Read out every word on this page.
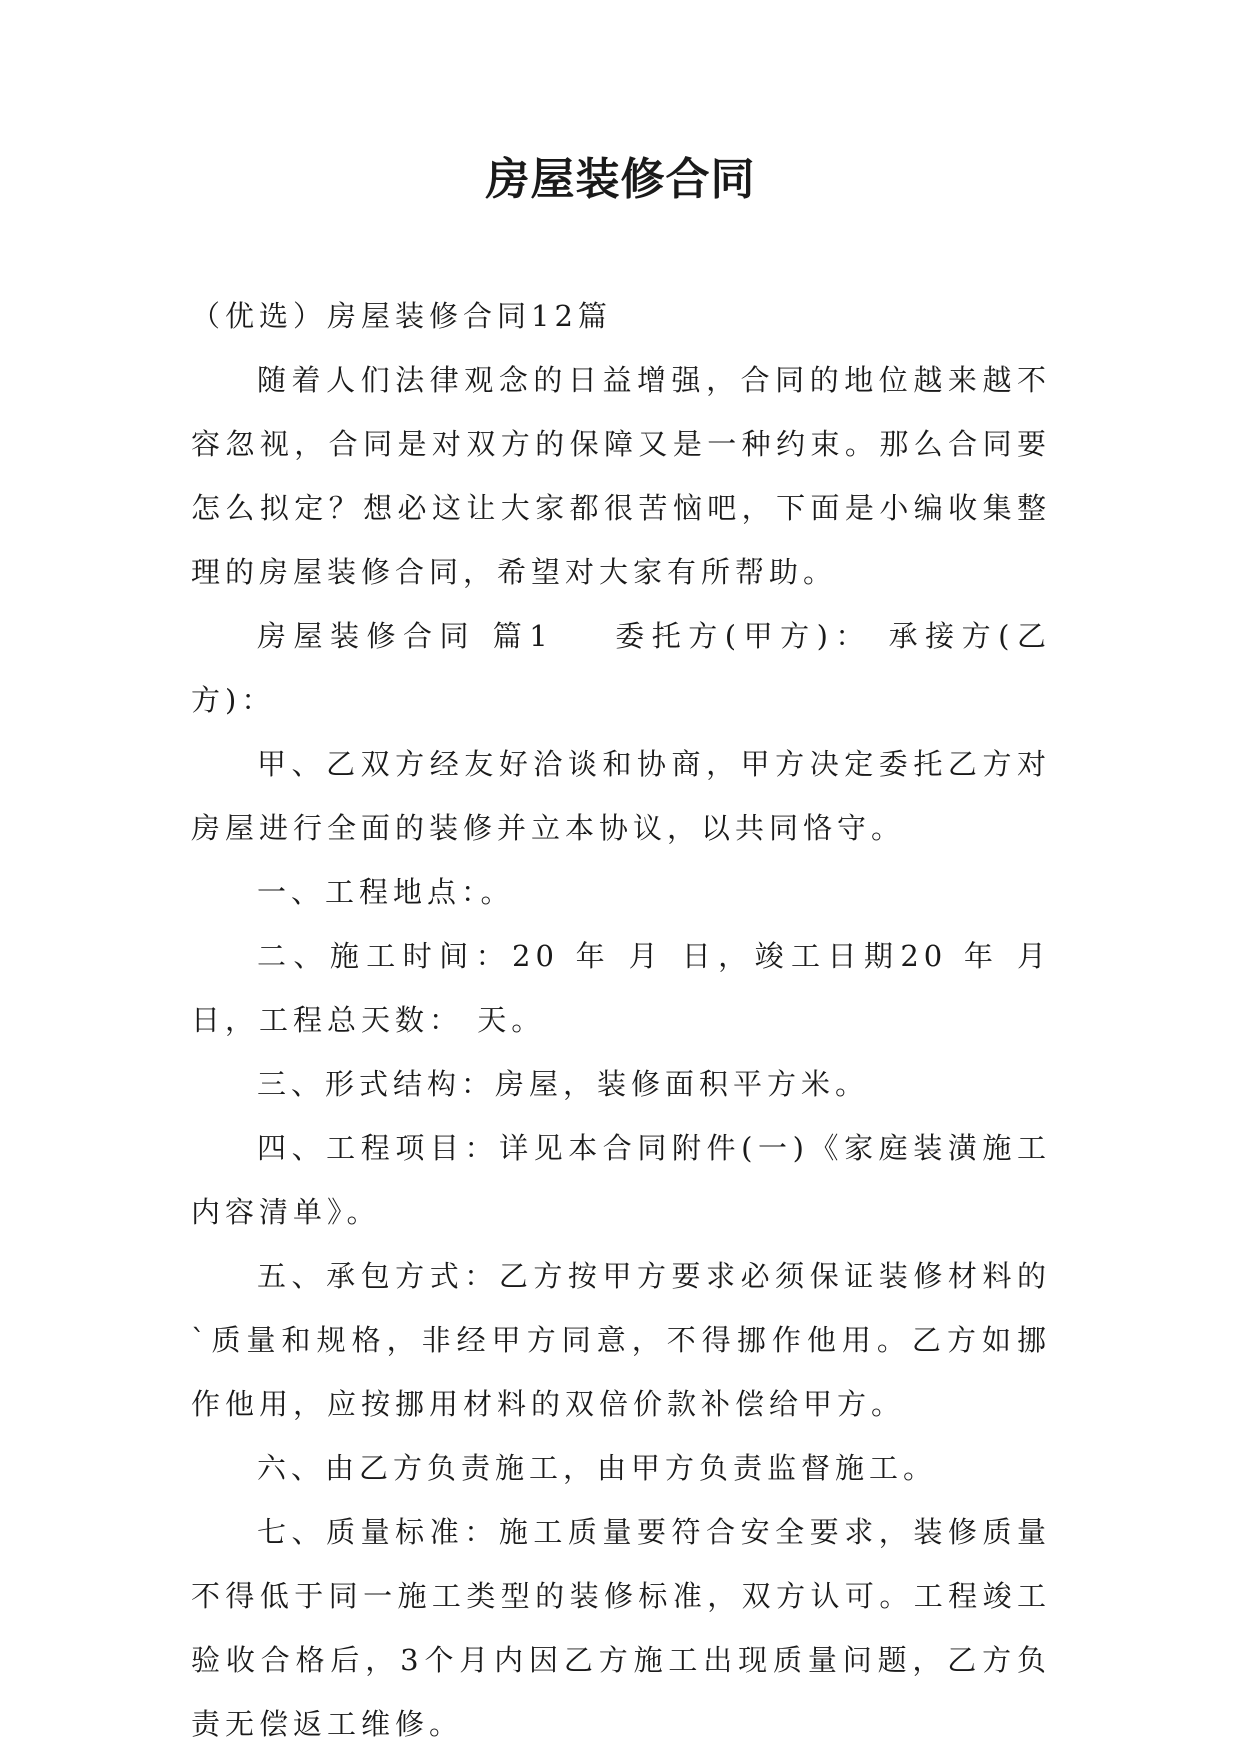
房屋装修合同

（优选）房屋装修合同12篇

随着人们法律观念的日益增强，合同的地位越来越不容忽视，合同是对双方的保障又是一种约束。那么合同要怎么拟定？想必这让大家都很苦恼吧，下面是小编收集整理的房屋装修合同，希望对大家有所帮助。

房屋装修合同 篇1 委托方(甲方)： 承接方(乙方)：

甲、乙双方经友好洽谈和协商，甲方决定委托乙方对房屋进行全面的装修并立本协议，以共同恪守。

一、工程地点：。

二、施工时间：20 年 月 日，竣工日期20 年 月 日，工程总天数： 天。

三、形式结构：房屋，装修面积平方米。

四、工程项目：详见本合同附件(一)《家庭装潢施工内容清单》。

五、承包方式：乙方按甲方要求必须保证装修材料的`质量和规格，非经甲方同意，不得挪作他用。乙方如挪作他用，应按挪用材料的双倍价款补偿给甲方。

六、由乙方负责施工，由甲方负责监督施工。

七、质量标准：施工质量要符合安全要求，装修质量不得低于同一施工类型的装修标准，双方认可。工程竣工验收合格后，3个月内因乙方施工出现质量问题，乙方负责无偿返工维修。
